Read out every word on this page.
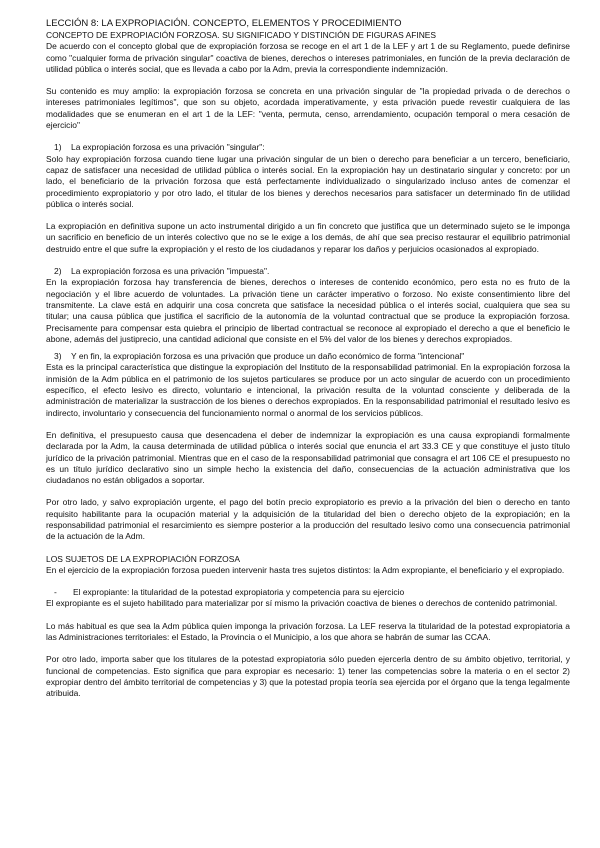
LECCIÓN 8: LA EXPROPIACIÓN. CONCEPTO, ELEMENTOS Y PROCEDIMIENTO

CONCEPTO DE EXPROPIACIÓN FORZOSA. SU SIGNIFICADO Y DISTINCIÓN DE FIGURAS AFINES

De acuerdo con el concepto global que de expropiación forzosa se recoge en el art 1 de la LEF y art 1 de su Reglamento, puede definirse como "cualquier forma de privación singular" coactiva de bienes, derechos o intereses patrimoniales, en función de la previa declaración de utilidad pública o interés social, que es llevada a cabo por la Adm, previa la correspondiente indemnización.

Su contenido es muy amplio: la expropiación forzosa se concreta en una privación singular de "la propiedad privada o de derechos o intereses patrimoniales legítimos", que son su objeto, acordada imperativamente, y esta privación puede revestir cualquiera de las modalidades que se enumeran en el art 1 de la LEF: "venta, permuta, censo, arrendamiento, ocupación temporal o mera cesación de ejercicio"

1) La expropiación forzosa es una privación "singular":

Solo hay expropiación forzosa cuando tiene lugar una privación singular de un bien o derecho para beneficiar a un tercero, beneficiario, capaz de satisfacer una necesidad de utilidad pública o interés social. En la expropiación hay un destinatario singular y concreto: por un lado, el beneficiario de la privación forzosa que está perfectamente individualizado o singularizado incluso antes de comenzar el procedimiento expropiatorio y por otro lado, el titular de los bienes y derechos necesarios para satisfacer un determinado fin de utilidad pública o interés social.

La expropiación en definitiva supone un acto instrumental dirigido a un fin concreto que justifica que un determinado sujeto se le imponga un sacrificio en beneficio de un interés colectivo que no se le exige a los demás, de ahí que sea preciso restaurar el equilibrio patrimonial destruido entre el que sufre la expropiación y el resto de los ciudadanos y reparar los daños y perjuicios ocasionados al expropiado.

2) La expropiación forzosa es una privación "impuesta".

En la expropiación forzosa hay transferencia de bienes, derechos o intereses de contenido económico, pero esta no es fruto de la negociación y el libre acuerdo de voluntades. La privación tiene un carácter imperativo o forzoso. No existe consentimiento libre del transmitente. La clave está en adquirir una cosa concreta que satisface la necesidad pública o el interés social, cualquiera que sea su titular; una causa pública que justifica el sacrificio de la autonomía de la voluntad contractual que se produce la expropiación forzosa. Precisamente para compensar esta quiebra el principio de libertad contractual se reconoce al expropiado el derecho a que el beneficio le abone, además del justiprecio, una cantidad adicional que consiste en el 5% del valor de los bienes y derechos expropiados.

3) Y en fin, la expropiación forzosa es una privación que produce un daño económico de forma "intencional"

Esta es la principal característica que distingue la expropiación del Instituto de la responsabilidad patrimonial. En la expropiación forzosa la inmisión de la Adm pública en el patrimonio de los sujetos particulares se produce por un acto singular de acuerdo con un procedimiento específico, el efecto lesivo es directo, voluntario e intencional, la privación resulta de la voluntad consciente y deliberada de la administración de materializar la sustracción de los bienes o derechos expropiados. En la responsabilidad patrimonial el resultado lesivo es indirecto, involuntario y consecuencia del funcionamiento normal o anormal de los servicios públicos.

En definitiva, el presupuesto causa que desencadena el deber de indemnizar la expropiación es una causa expropiandi formalmente declarada por la Adm, la causa determinada de utilidad pública o interés social que enuncia el art 33.3 CE y que constituye el justo título jurídico de la privación patrimonial. Mientras que en el caso de la responsabilidad patrimonial que consagra el art 106 CE el presupuesto no es un título jurídico declarativo sino un simple hecho la existencia del daño, consecuencias de la actuación administrativa que los ciudadanos no están obligados a soportar.

Por otro lado, y salvo expropiación urgente, el pago del botín precio expropiatorio es previo a la privación del bien o derecho en tanto requisito habilitante para la ocupación material y la adquisición de la titularidad del bien o derecho objeto de la expropiación; en la responsabilidad patrimonial el resarcimiento es siempre posterior a la producción del resultado lesivo como una consecuencia patrimonial de la actuación de la Adm.

LOS SUJETOS DE LA EXPROPIACIÓN FORZOSA

En el ejercicio de la expropiación forzosa pueden intervenir hasta tres sujetos distintos: la Adm expropiante, el beneficiario y el expropiado.

- El expropiante: la titularidad de la potestad expropiatoria y competencia para su ejercicio

El expropiante es el sujeto habilitado para materializar por sí mismo la privación coactiva de bienes o derechos de contenido patrimonial.

Lo más habitual es que sea la Adm pública quien imponga la privación forzosa. La LEF reserva la titularidad de la potestad expropiatoria a las Administraciones territoriales: el Estado, la Provincia o el Municipio, a los que ahora se habrán de sumar las CCAA.

Por otro lado, importa saber que los titulares de la potestad expropiatoria sólo pueden ejercerla dentro de su ámbito objetivo, territorial, y funcional de competencias. Esto significa que para expropiar es necesario: 1) tener las competencias sobre la materia o en el sector 2) expropiar dentro del ámbito territorial de competencias y 3) que la potestad propia teoría sea ejercida por el órgano que la tenga legalmente atribuida.
